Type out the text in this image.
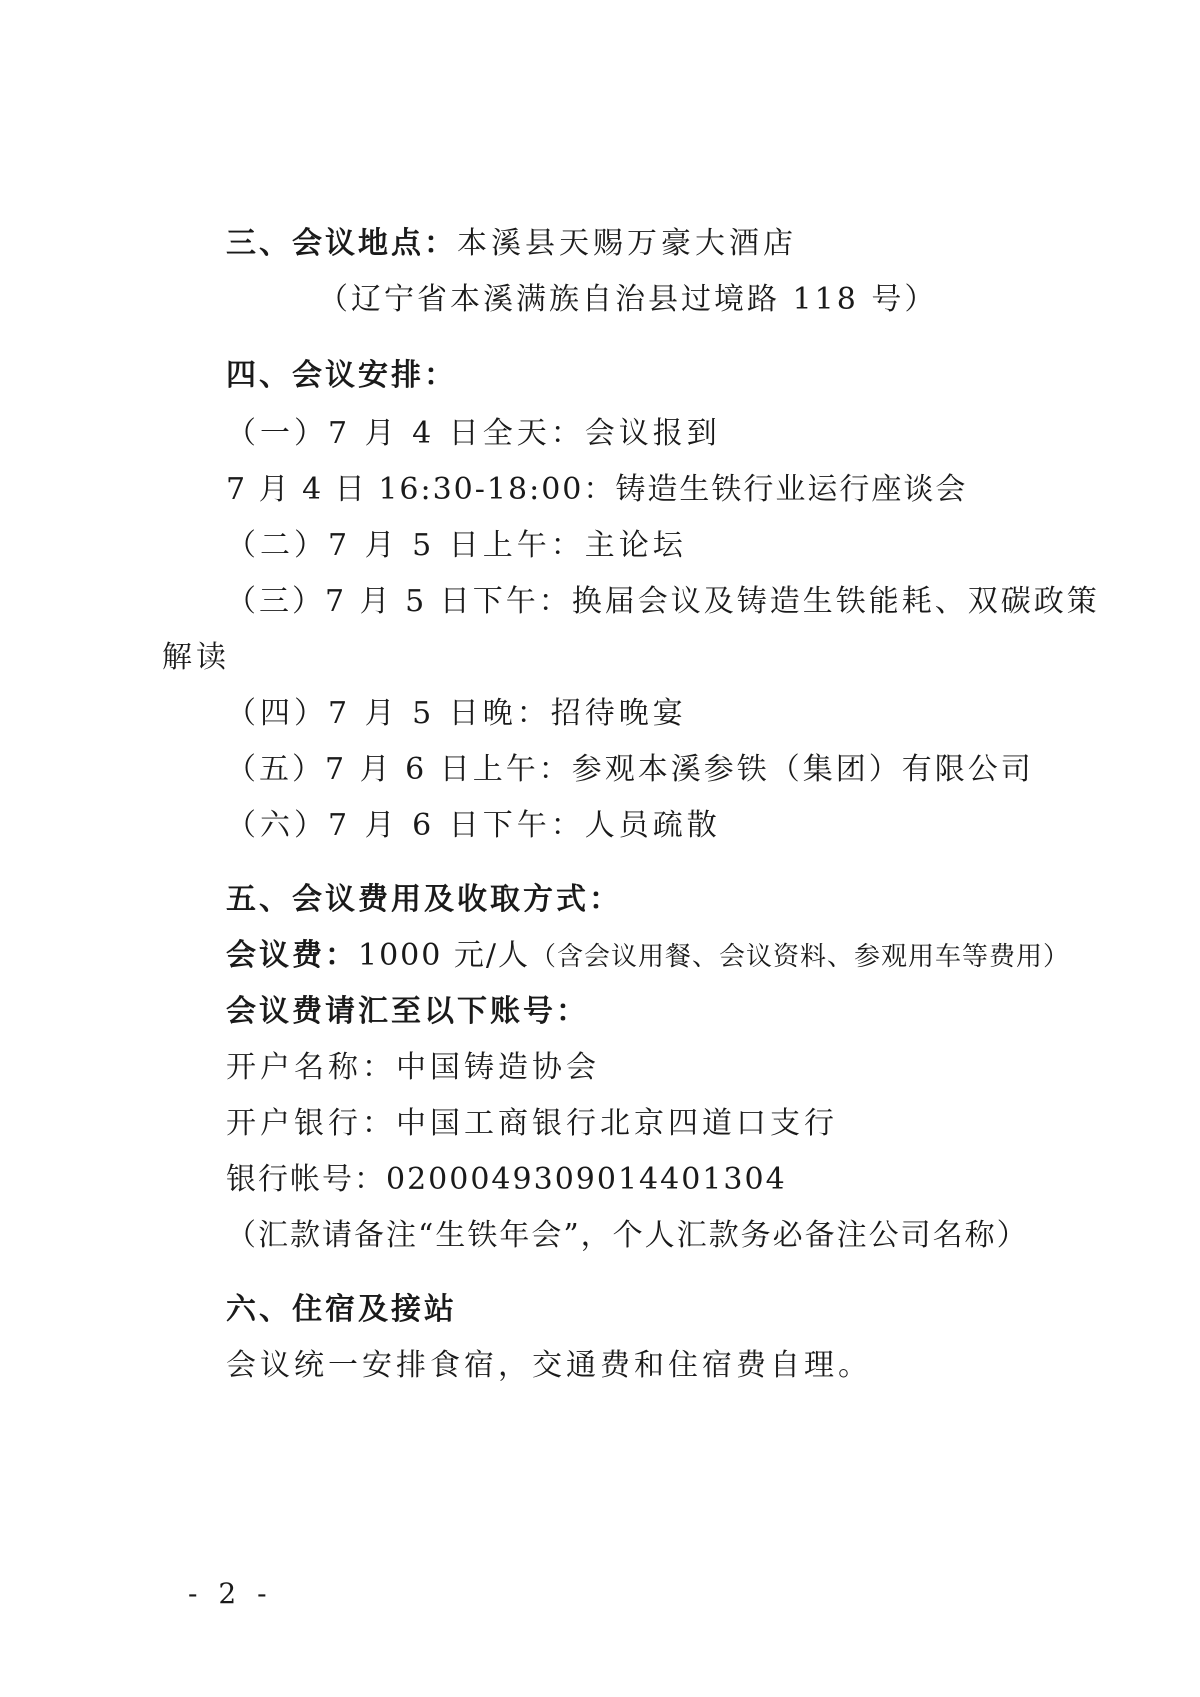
三、会议地点：本溪县天赐万豪大酒店
（辽宁省本溪满族自治县过境路 118 号）
四、会议安排：
（一）7 月 4 日全天：会议报到
7 月 4 日 16:30-18:00：铸造生铁行业运行座谈会
（二）7 月 5 日上午：主论坛
（三）7 月 5 日下午：换届会议及铸造生铁能耗、双碳政策
解读
（四）7 月 5 日晚：招待晚宴
（五）7 月 6 日上午：参观本溪参铁（集团）有限公司
（六）7 月 6 日下午：人员疏散
五、会议费用及收取方式：
会议费：1000 元/人（含会议用餐、会议资料、参观用车等费用）
会议费请汇至以下账号：
开户名称：中国铸造协会
开户银行：中国工商银行北京四道口支行
银行帐号：0200049309014401304
（汇款请备注“生铁年会”，个人汇款务必备注公司名称）
六、住宿及接站
会议统一安排食宿，交通费和住宿费自理。
- 2 -
